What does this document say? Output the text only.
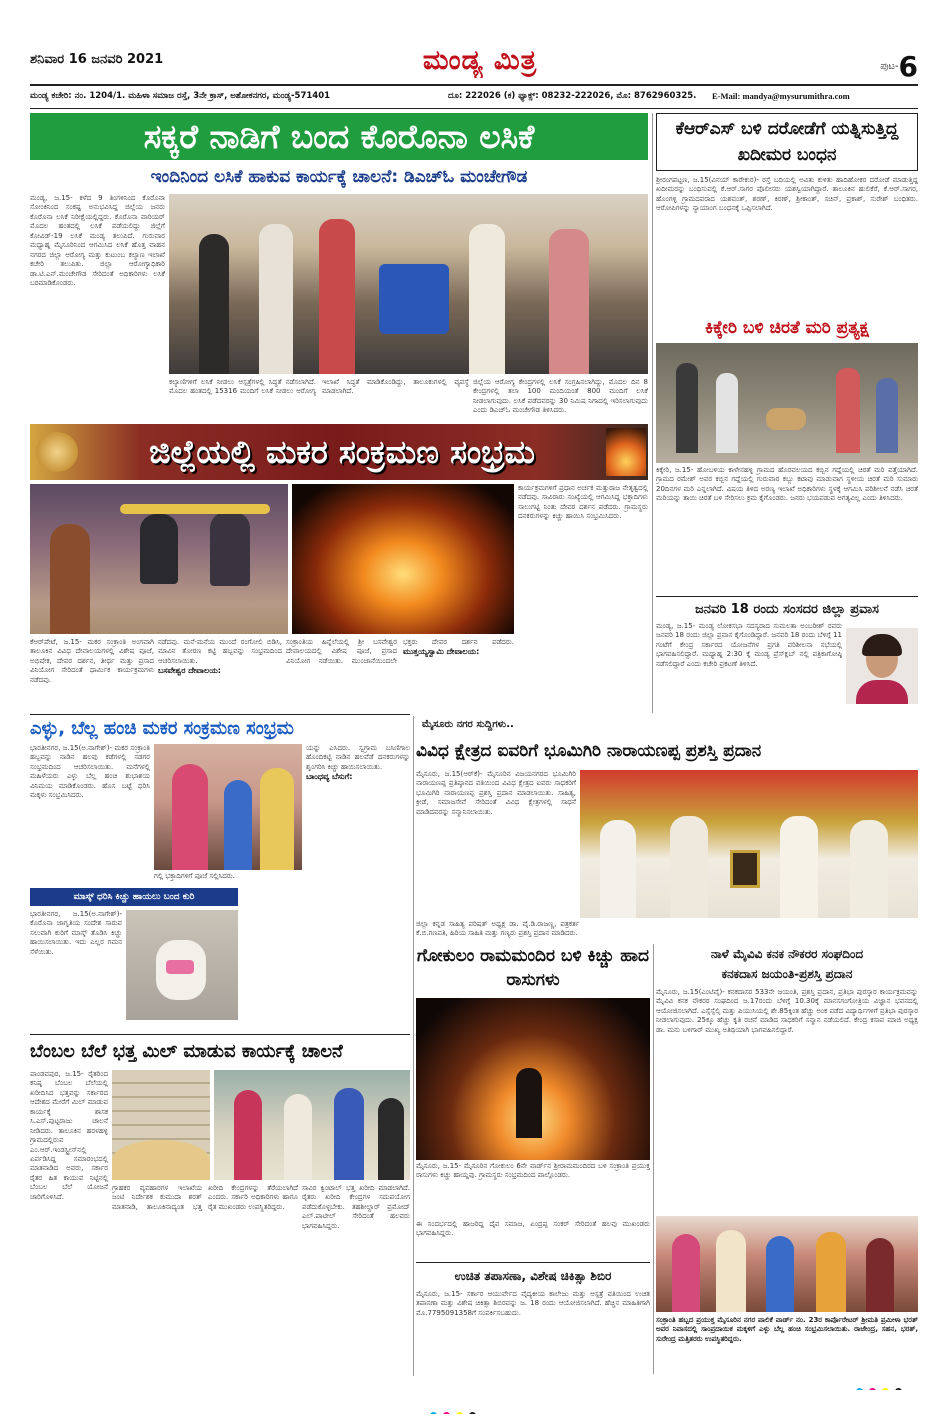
ಶನಿವಾರ 16 ಜನವರಿ 2021	ಮಂಡ್ಯ ಮಿತ್ರ	ಪುಟ-6
ಮಂಡ್ಯ ಕಚೇರಿ: ನಂ. 1204/1. ಮಹಿಳಾ ಸಮಾಜ ರಸ್ತೆ, 3ನೇ ಕ್ರಾಸ್, ಅಶೋಕನಗರ, ಮಂಡ್ಯ-571401	ದೂ: 222026 (ಕ) ಫ್ಯಾಕ್ಸ್: 08232-222026, ಮೊ: 8762960325.	E-Mail: mandya@mysurumithra.com
ಸಕ್ಕರೆ ನಾಡಿಗೆ ಬಂದ ಕೊರೊನಾ ಲಸಿಕೆ
ಇಂದಿನಿಂದ ಲಸಿಕೆ ಹಾಕುವ ಕಾರ್ಯಕ್ಕೆ ಚಾಲನೆ: ಡಿಎಚ್‌ಓ ಮಂಚೇಗೌಡ
ಮಂಡ್ಯ, ಜ.15- ಕಳೆದ 9 ತಿಂಗಳಿನಿಂದ ಕೊರೊನಾ ಸೋಂಕಿನಿಂದ ಸಂಕಷ್ಟ ಅನುಭವಿಸಿದ್ದ ಜಿಲ್ಲೆಯ ಜನರು ಕೊರೊನಾ ಲಸಿಕೆ ನಿರೀಕ್ಷೆಯಲ್ಲಿದ್ದರು. ಕೊರೊನಾ ವಾರಿಯರ್ ಮೊದಲ ಹಂತದಲ್ಲಿ ಲಸಿಕೆ ಪಡೆಯಲಿದ್ದು ಜಿಲ್ಲೆಗೆ ಕೋವಿಡ್-19 ಲಸಿಕೆ ಮಂಡ್ಯ ತಲುಪಿದೆ. ಗುರುವಾರ ಮಧ್ಯಾಹ್ನ ಮೈಸೂರಿನಿಂದ ಆಗಮಿಸಿದ ಲಸಿಕೆ ಹೊತ್ತ ವಾಹನ ನಗರದ ಜಿಲ್ಲಾ ಆರೋಗ್ಯ ಮತ್ತು ಕುಟುಂಬ ಕಲ್ಯಾಣ ಇಲಾಖೆ ಕಚೇರಿ ತಲುಪಿತು. ಜಿಲ್ಲಾ ಆರೋಗ್ಯಾಧಿಕಾರಿ ಡಾ.ಟಿ.ಎನ್.ಮಂಚೇಗೌಡ ಸೇರಿದಂತೆ ಅಧಿಕಾರಿಗಳು ಲಸಿಕೆ ಬರಮಾಡಿಕೊಂಡರು.
ಕಲ್ಯಾಣಿಗಳಿಗೆ ಲಸಿಕೆ ನೀಡಲು ಆಸ್ಪತ್ರೆಗಳಲ್ಲಿ ಸಿದ್ಧತೆ ನಡೆಸಲಾಗಿದೆ. ಮೊದಲ ಹಂತದಲ್ಲಿ 15316 ಮಂದಿಗೆ ಲಸಿಕೆ ನೀಡಲು ಆರೋಗ್ಯ ಇಲಾಖೆ ಸಿದ್ಧತೆ ಮಾಡಿಕೊಂಡಿದ್ದು, ತಾಲೂಕುಗಳಲ್ಲಿ ವ್ಯವಸ್ಥೆ ಮಾಡಲಾಗಿದೆ.
ಜಿಲ್ಲೆಯ ಆರೋಗ್ಯ ಕೇಂದ್ರಗಳಲ್ಲಿ ಲಸಿಕೆ ಸಂಗ್ರಹಿಸಲಾಗಿದ್ದು, ಮೊದಲ ದಿನ 8 ಕೇಂದ್ರಗಳಲ್ಲಿ ತಲಾ 100 ಮಂದಿಯಂತೆ 800 ಮಂದಿಗೆ ಲಸಿಕೆ ನೀಡಲಾಗುವುದು. ಲಸಿಕೆ ಪಡೆದವರನ್ನು 30 ನಿಮಿಷ ನಿಗಾದಲ್ಲಿ ಇರಿಸಲಾಗುವುದು ಎಂದು ಡಿಎಚ್‌ಓ ಮಂಚೇಗೌಡ ತಿಳಿಸಿದರು.
ಕೆಆರ್‌ಎಸ್ ಬಳಿ ದರೋಡೆಗೆ ಯತ್ನಿಸುತ್ತಿದ್ದ ಖದೀಮರ ಬಂಧನ
ಶ್ರೀರಂಗಪಟ್ಟಣ, ಜ.15(ವಿನಯ್ ಕಾರೇಕುರ)- ರಸ್ತೆ ಬದಿಯಲ್ಲಿ ಅವಿತು ಕುಳಿತು ಹಾದಿಹೋಕರ ದರೋಡೆ ಮಾಡುತ್ತಿದ್ದ ಖದೀಮರನ್ನು ಬಂಧಿಸುವಲ್ಲಿ ಕೆ.ಆರ್.ಸಾಗರ ಪೊಲೀಸರು ಯಶಸ್ವಿಯಾಗಿದ್ದಾರೆ. ತಾಲೂಕಿನ ಹುಲಿಕೆರೆ, ಕೆ.ಆರ್.ಸಾಗರ, ಹೊಂಗಳ್ಳಿ ಗ್ರಾಮದವರಾದ ಯಶವಂತ್, ಶರಣ್, ಕಿರಣ್, ಶ್ರೀಕಾಂತ್, ಸಚಿನ್, ಪ್ರಕಾಶ್, ಸುರೇಶ್ ಬಂಧಿತರು. ಆರೋಪಿಗಳನ್ನು ನ್ಯಾಯಾಂಗ ಬಂಧನಕ್ಕೆ ಒಪ್ಪಿಸಲಾಗಿದೆ.
ಕಿಕ್ಕೇರಿ ಬಳಿ ಚಿರತೆ ಮರಿ ಪ್ರತ್ಯಕ್ಷ
ಕಿಕ್ಕೇರಿ, ಜ.15- ಹೋಬಳಿಯ ಕಾಳೇನಹಳ್ಳಿ ಗ್ರಾಮದ ಹೊರವಲಯದ ಕಬ್ಬಿನ ಗದ್ದೆಯಲ್ಲಿ ಚಿರತೆ ಮರಿ ಪತ್ತೆಯಾಗಿದೆ. ಗ್ರಾಮದ ರಮೇಶ್ ಅವರ ಕಬ್ಬಿನ ಗದ್ದೆಯಲ್ಲಿ ಗುರುವಾರ ಕಬ್ಬು ಕಟಾವು ಮಾಡುವಾಗ ಸ್ಥಳೀಯ ಚಿರತೆ ಮರಿ ಸುಮಾರು 20ದಿನಗಳ ಮರಿ ಎನ್ನಲಾಗಿದೆ. ವಿಷಯ ತಿಳಿದ ಅರಣ್ಯ ಇಲಾಖೆ ಅಧಿಕಾರಿಗಳು ಸ್ಥಳಕ್ಕೆ ಆಗಮಿಸಿ ಪರಿಶೀಲನೆ ನಡೆಸಿ ಚಿರತೆ ಮರಿಯನ್ನು ತಾಯಿ ಚಿರತೆ ಬಳಿ ಸೇರಿಸಲು ಕ್ರಮ ಕೈಗೊಂಡರು. ಜನರು ಭಯಪಡುವ ಅಗತ್ಯವಿಲ್ಲ ಎಂದು ತಿಳಿಸಿದರು.
ಜನವರಿ 18 ರಂದು ಸಂಸದರ ಜಿಲ್ಲಾ ಪ್ರವಾಸ
ಮಂಡ್ಯ, ಜ.15- ಮಂಡ್ಯ ಲೋಕಸಭಾ ಸದಸ್ಯರಾದ ಸುಮಲತಾ ಅಂಬರೀಶ್ ರವರು ಜನವರಿ 18 ರಂದು ಜಿಲ್ಲಾ ಪ್ರವಾಸ ಕೈಗೊಂಡಿದ್ದಾರೆ. ಜನವರಿ 18 ರಂದು ಬೆಳಿಗ್ಗೆ 11 ಗಂಟೆಗೆ ಕೇಂದ್ರ ಸರ್ಕಾರದ ಯೋಜನೆಗಳ ಪ್ರಗತಿ ಪರಿಶೀಲನಾ ಸಭೆಯಲ್ಲಿ ಭಾಗವಹಿಸಲಿದ್ದಾರೆ. ಮಧ್ಯಾಹ್ನ 2:30 ಕ್ಕೆ ಮಂಡ್ಯ ಪ್ರೆಸ್‌ಕ್ಲಬ್ ನಲ್ಲಿ ಪತ್ರಿಕಾಗೋಷ್ಠಿ ನಡೆಸಲಿದ್ದಾರೆ ಎಂದು ಕಚೇರಿ ಪ್ರಕಟಣೆ ತಿಳಿಸಿದೆ.
ಜಿಲ್ಲೆಯಲ್ಲಿ ಮಕರ ಸಂಕ್ರಮಣ ಸಂಭ್ರಮ
ಕಾರ್ಯಕ್ರಮಗಳಿಗೆ ಪ್ರಧಾನ ಅರ್ಚಕ ಮತ್ತುರಾಜ ನೇತೃತ್ವದಲ್ಲಿ ನಡೆದವು. ಸಾವಿರಾರು ಸಂಖ್ಯೆಯಲ್ಲಿ ಆಗಮಿಸಿದ್ದ ಭಕ್ತಾದಿಗಳು ಸಾಲುಗಟ್ಟಿ ನಿಂತು ದೇವರ ದರ್ಶನ ಪಡೆದರು. ಗ್ರಾಮಸ್ಥರು ದನಕರುಗಳನ್ನು ಕಿಚ್ಚು ಹಾಯಿಸಿ ಸಂಭ್ರಮಿಸಿದರು.
ಕೆಆರ್‌ಪೇಟೆ, ಜ.15- ಮಕರ ಸಂಕ್ರಾಂತಿ ಅಂಗವಾಗಿ ತಾಲೂಕಿನ ವಿವಿಧ ದೇವಾಲಯಗಳಲ್ಲಿ ವಿಶೇಷ ಪೂಜೆ, ಅಭಿಷೇಕ, ದೇವರ ದರ್ಶನ, ತೀರ್ಥ ಮತ್ತು ಪ್ರಸಾದ ವಿನಿಯೋಗ ಸೇರಿದಂತೆ ಧಾರ್ಮಿಕ ಕಾರ್ಯಕ್ರಮಗಳು ನಡೆದವು.
ನಡೆದವು. ಮನೆ-ಮನೆಯ ಮುಂದೆ ರಂಗೋಲಿ ಬಿಡಿಸಿ, ಮಾವಿನ ತೋರಣ ಕಟ್ಟಿ ಹಬ್ಬವನ್ನು ಸಂಭ್ರಮದಿಂದ ಆಚರಿಸಲಾಯಿತು.
ಬಸವೇಶ್ವರ ದೇವಾಲಯ:
ಸಂಕ್ರಾಂತಿಯ ಹಿನ್ನೆಲೆಯಲ್ಲಿ ಶ್ರೀ ಬಸವೇಶ್ವರ ದೇವಾಲಯದಲ್ಲಿ ವಿಶೇಷ ಪೂಜೆ, ಪ್ರಸಾದ ವಿನಿಯೋಗ ನಡೆಯಿತು. ಮುಂಜಾನೆಯಿಂದಲೇ ಭಕ್ತರು ದೇವರ ದರ್ಶನ ಪಡೆದರು. ಮುತ್ತಯ್ಯಸ್ವಾಮಿ ದೇವಾಲಯ:
ಎಳ್ಳು, ಬೆಲ್ಲ ಹಂಚಿ ಮಕರ ಸಂಕ್ರಮಣ ಸಂಭ್ರಮ
ಭಾರತೀನಗರ, ಜ.15(ಅ.ನಾಗೇಶ್)- ಮಕರ ಸಂಕ್ರಾಂತಿ ಹಬ್ಬವನ್ನು ನಾಡಿನ ಹಲವು ಕಡೆಗಳಲ್ಲಿ ಸಡಗರ ಸಂಭ್ರಮದಿಂದ ಆಚರಿಸಲಾಯಿತು. ಮನೆಗಳಲ್ಲಿ ಮಹಿಳೆಯರು ಎಳ್ಳು ಬೆಲ್ಲ ಹಂಚಿ ಶುಭಾಶಯ ವಿನಿಮಯ ಮಾಡಿಕೊಂಡರು. ಹೊಸ ಬಟ್ಟೆ ಧರಿಸಿ ಮಕ್ಕಳು ಸಂಭ್ರಮಿಸಿದರು.
ಗಲ್ಲಿ ಭಕ್ತಾದಿಗಳಿಗೆ ಪೂಜೆ ಸಲ್ಲಿಸಿದರು.
ಯನ್ನು ಎಸಿದರು. ಸ್ವಗ್ರಾಮ ಬಸಿಣಿಗಾಲ ಹೊಂದಿಕಟ್ಟಿ ನಾಡಿನ ಹಲವೆಡೆ ದನಕರುಗಳನ್ನು ಶೃಂಗರಿಸಿ ಕಿಚ್ಚು ಹಾಯಿಸಲಾಯಿತು.
ಬಾಂಧವ್ಯ ಬೆಸುಗೆ:
ಮಾಸ್ಕ್ ಧರಿಸಿ ಕಿಚ್ಚು ಹಾಯಲು ಬಂದ ಕುರಿ
ಭಾರತೀನಗರ, ಜ.15(ಅ.ನಾಗೇಶ್)- ಕೊರೊನಾ ಜಾಗೃತಿಯ ಸಂದೇಶ ಸಾರುವ ಸಲುವಾಗಿ ಕುರಿಗೆ ಮಾಸ್ಕ್ ತೊಡಿಸಿ ಕಿಚ್ಚು ಹಾಯಿಸಲಾಯಿತು. ಇದು ಎಲ್ಲರ ಗಮನ ಸೆಳೆಯಿತು.
ಮೈಸೂರು ನಗರ ಸುದ್ದಿಗಳು..
ವಿವಿಧ ಕ್ಷೇತ್ರದ ಐವರಿಗೆ ಭೂಮಿಗಿರಿ ನಾರಾಯಣಪ್ಪ ಪ್ರಶಸ್ತಿ ಪ್ರದಾನ
ಮೈಸೂರು, ಜ.15(ಆರ್‌ಕೆ)- ಮೈಸೂರಿನ ವಿಜಯನಗರದ ಭೂಮಿಗಿರಿ ನಾರಾಯಣಪ್ಪ ಪ್ರತಿಷ್ಠಾನದ ವತಿಯಿಂದ ವಿವಿಧ ಕ್ಷೇತ್ರದ ಐವರು ಸಾಧಕರಿಗೆ ಭೂಮಿಗಿರಿ ನಾರಾಯಣಪ್ಪ ಪ್ರಶಸ್ತಿ ಪ್ರದಾನ ಮಾಡಲಾಯಿತು. ಸಾಹಿತ್ಯ, ಕ್ರೀಡೆ, ಸಮಾಜಸೇವೆ ಸೇರಿದಂತೆ ವಿವಿಧ ಕ್ಷೇತ್ರಗಳಲ್ಲಿ ಸಾಧನೆ ಮಾಡಿದವರನ್ನು ಸನ್ಮಾನಿಸಲಾಯಿತು.
ಜಿಲ್ಲಾ ಕನ್ನಡ ಸಾಹಿತ್ಯ ಪರಿಷತ್ ಅಧ್ಯಕ್ಷ ಡಾ. ವೈ.ಡಿ.ರಾಜಣ್ಣ, ಪತ್ರಕರ್ತ ಕೆ.ಬಿ.ಗಣಪತಿ, ಹಿರಿಯ ಸಾಹಿತಿ ಮತ್ತು ಗಣ್ಯರು ಪ್ರಶಸ್ತಿ ಪ್ರದಾನ ಮಾಡಿದರು.
ಗೋಕುಲಂ ರಾಮಮಂದಿರ ಬಳಿ ಕಿಚ್ಚು ಹಾದ ರಾಸುಗಳು
ಮೈಸೂರು, ಜ.15- ಮೈಸೂರಿನ ಗೋಕುಲಂ 6ನೇ ವಾರ್ಡ್‌ನ ಶ್ರೀರಾಮಮಂದಿರದ ಬಳಿ ಸಂಕ್ರಾಂತಿ ಪ್ರಯುಕ್ತ ರಾಸುಗಳು ಕಿಚ್ಚು ಹಾಯ್ದವು. ಗ್ರಾಮಸ್ಥರು ಸಂಭ್ರಮದಿಂದ ಪಾಲ್ಗೊಂಡರು.
ಈ ಸಂದರ್ಭದಲ್ಲಿ ಹಾಜರಿದ್ದ ದೈವ ಸಮಾಜ, ಏಂದ್ರಪ್ಪ ಸಂಕರ್ ಸೇರಿದಂತೆ ಹಲವು ಮುಖಂಡರು ಭಾಗವಹಿಸಿದ್ದರು.
ಉಚಿತ ತಪಾಸಣಾ, ವಿಶೇಷ ಚಿಕಿತ್ಸಾ ಶಿಬಿರ
ಮೈಸೂರು, ಜ.15- ಸರ್ಕಾರ ಆಯುರ್ವೇದ ವೈದ್ಯಕೀಯ ಕಾಲೇಜು ಮತ್ತು ಆಸ್ಪತ್ರೆ ವತಿಯಿಂದ ಉಚಿತ ತಪಾಸಣಾ ಮತ್ತು ವಿಶೇಷ ಚಿಕಿತ್ಸಾ ಶಿಬಿರವನ್ನು ಜ. 18 ರಂದು ಆಯೋಜಿಸಲಾಗಿದೆ. ಹೆಚ್ಚಿನ ಮಾಹಿತಿಗಾಗಿ ಮೊ.7795091358ಗೆ ಸಂಪರ್ಕಿಸಬಹುದು.
ನಾಳೆ ಮೈವಿವಿ ಕನಕ ನೌಕರರ ಸಂಘದಿಂದ
ಕನಕದಾಸ ಜಯಂತಿ-ಪ್ರಶಸ್ತಿ ಪ್ರದಾನ
ಮೈಸೂರು, ಜ.15(ಎಂಟಿವೈ)- ಕನಕದಾಸರ 533ನೇ ಜಯಂತಿ, ಪ್ರಶಸ್ತಿ ಪ್ರದಾನ, ಪ್ರತಿಭಾ ಪುರಸ್ಕಾರ ಕಾರ್ಯಕ್ರಮವನ್ನು ಮೈವಿವಿ ಕನಕ ನೌಕರರ ಸಂಘದಿಂದ ಜ.17ರಂದು ಬೆಳಿಗ್ಗೆ 10.30ಕ್ಕೆ ಮಾನಸಗಂಗೋತ್ರಿಯ ವಿಜ್ಞಾನ ಭವನದಲ್ಲಿ ಆಯೋಜಿಸಲಾಗಿದೆ. ಎಸ್ಸೆಸ್ಸೆಲ್ಸಿ ಮತ್ತು ಪಿಯುಸಿಯಲ್ಲಿ ಶೇ.85ಕ್ಕಿಂತ ಹೆಚ್ಚು ಅಂಕ ಪಡೆದ ವಿದ್ಯಾರ್ಥಿಗಳಿಗೆ ಪ್ರತಿಭಾ ಪುರಸ್ಕಾರ ನೀಡಲಾಗುವುದು. 25ಕ್ಕೂ ಹೆಚ್ಚು ಕೃತಿ ರಚನೆ ಮಾಡಿದ ಸಾಧಕರಿಗೆ ಸನ್ಮಾನ ನಡೆಯಲಿದೆ. ಕೇಂದ್ರ ಕಸಾಪ ಮಾಜಿ ಅಧ್ಯಕ್ಷ ಡಾ. ಮನು ಬಳಿಗಾರ್ ಮುಖ್ಯ ಅತಿಥಿಯಾಗಿ ಭಾಗವಹಿಸಲಿದ್ದಾರೆ.
ಸಂಕ್ರಾಂತಿ ಹಬ್ಬದ ಪ್ರಯುಕ್ತ ಮೈಸೂರಿನ ನಗರ ಪಾಲಿಕೆ ವಾರ್ಡ್ ನಂ. 23ರ ಕಾರ್ಪೊರೇಟರ್ ಶ್ರೀಮತಿ ಪ್ರಮೀಳಾ ಭರತ್ ಅವರ ನಿವಾಸದಲ್ಲಿ ಸಾಂಪ್ರದಾಯಿಕ ಮಕ್ಕಳಿಗೆ ಎಳ್ಳು ಬೆಲ್ಲ ಹಂಚಿ ಸಂಭ್ರಮಿಸಲಾಯಿತು. ರಾಜೇಂದ್ರ, ಸಹನ, ಭರತ್, ಸುರೇಂದ್ರ ಮತ್ತಿತರರು ಉಪಸ್ಥಿತರಿದ್ದರು.
ಬೆಂಬಲ ಬೆಲೆ ಭತ್ತ ಮಿಲ್ ಮಾಡುವ ಕಾರ್ಯಕ್ಕೆ ಚಾಲನೆ
ಪಾಂಡವಪುರ, ಜ.15- ರೈತರಿಂದ ಕನಿಷ್ಠ ಬೆಂಬಲ ಬೆಲೆಯಲ್ಲಿ ಖರೀದಿಸಿದ ಭತ್ತವನ್ನು ಸರ್ಕಾರದ ಆದೇಶದ ಮೇರೆಗೆ ಮಿಲ್ ಮಾಡುವ ಕಾರ್ಯಕ್ಕೆ ಶಾಸಕ ಸಿ.ಎಸ್.ಪುಟ್ಟರಾಜು ಚಾಲನೆ ನೀಡಿದರು. ತಾಲೂಕಿನ ಹರಳಹಳ್ಳಿ ಗ್ರಾಮದಲ್ಲಿರುವ ಎಂ.ಆರ್.ಇಂಡಸ್ಟ್ರೀಸ್‌ನಲ್ಲಿ ಏರ್ಪಡಿಸಿದ್ದ ಸಮಾರಂಭದಲ್ಲಿ ಮಾತನಾಡಿದ ಅವರು, ಸರ್ಕಾರ ರೈತರ ಹಿತ ಕಾಯುವ ನಿಟ್ಟಿನಲ್ಲಿ ಬೆಂಬಲ ಬೆಲೆ ಯೋಜನೆ ಜಾರಿಗೊಳಿಸಿದೆ.
ಗ್ರಾಹಕರ ವ್ಯವಹಾರಗಳ ಇಲಾಖೆಯ ಜಂಟಿ ನಿರ್ದೇಶಕ ಕುಮುದಾ ಶರತ್ ಮಾತನಾಡಿ, ತಾಲೂಕಿನಾದ್ಯಂತ ಭತ್ತ ಖರೀದಿ ಕೇಂದ್ರಗಳನ್ನು ತೆರೆಯಲಾಗಿದೆ ಎಂದರು. ಸರ್ಕಾರಿ ಅಧಿಕಾರಿಗಳು ಹಾಗೂ ರೈತ ಮುಖಂಡರು ಉಪಸ್ಥಿತರಿದ್ದರು.
ಸಾವಿರ ಕ್ವಿಂಟಾಲ್ ಭತ್ತ ಖರೀದಿ ಮಾಡಲಾಗಿದೆ. ರೈತರು ಖರೀದಿ ಕೇಂದ್ರಗಳ ಸದುಪಯೋಗ ಪಡೆದುಕೊಳ್ಳಬೇಕು. ತಹಶೀಲ್ದಾರ್ ಪ್ರಮೋದ್ ಎಲ್.ಪಾಟೀಲ್ ಸೇರಿದಂತೆ ಹಲವರು ಭಾಗವಹಿಸಿದ್ದರು.
